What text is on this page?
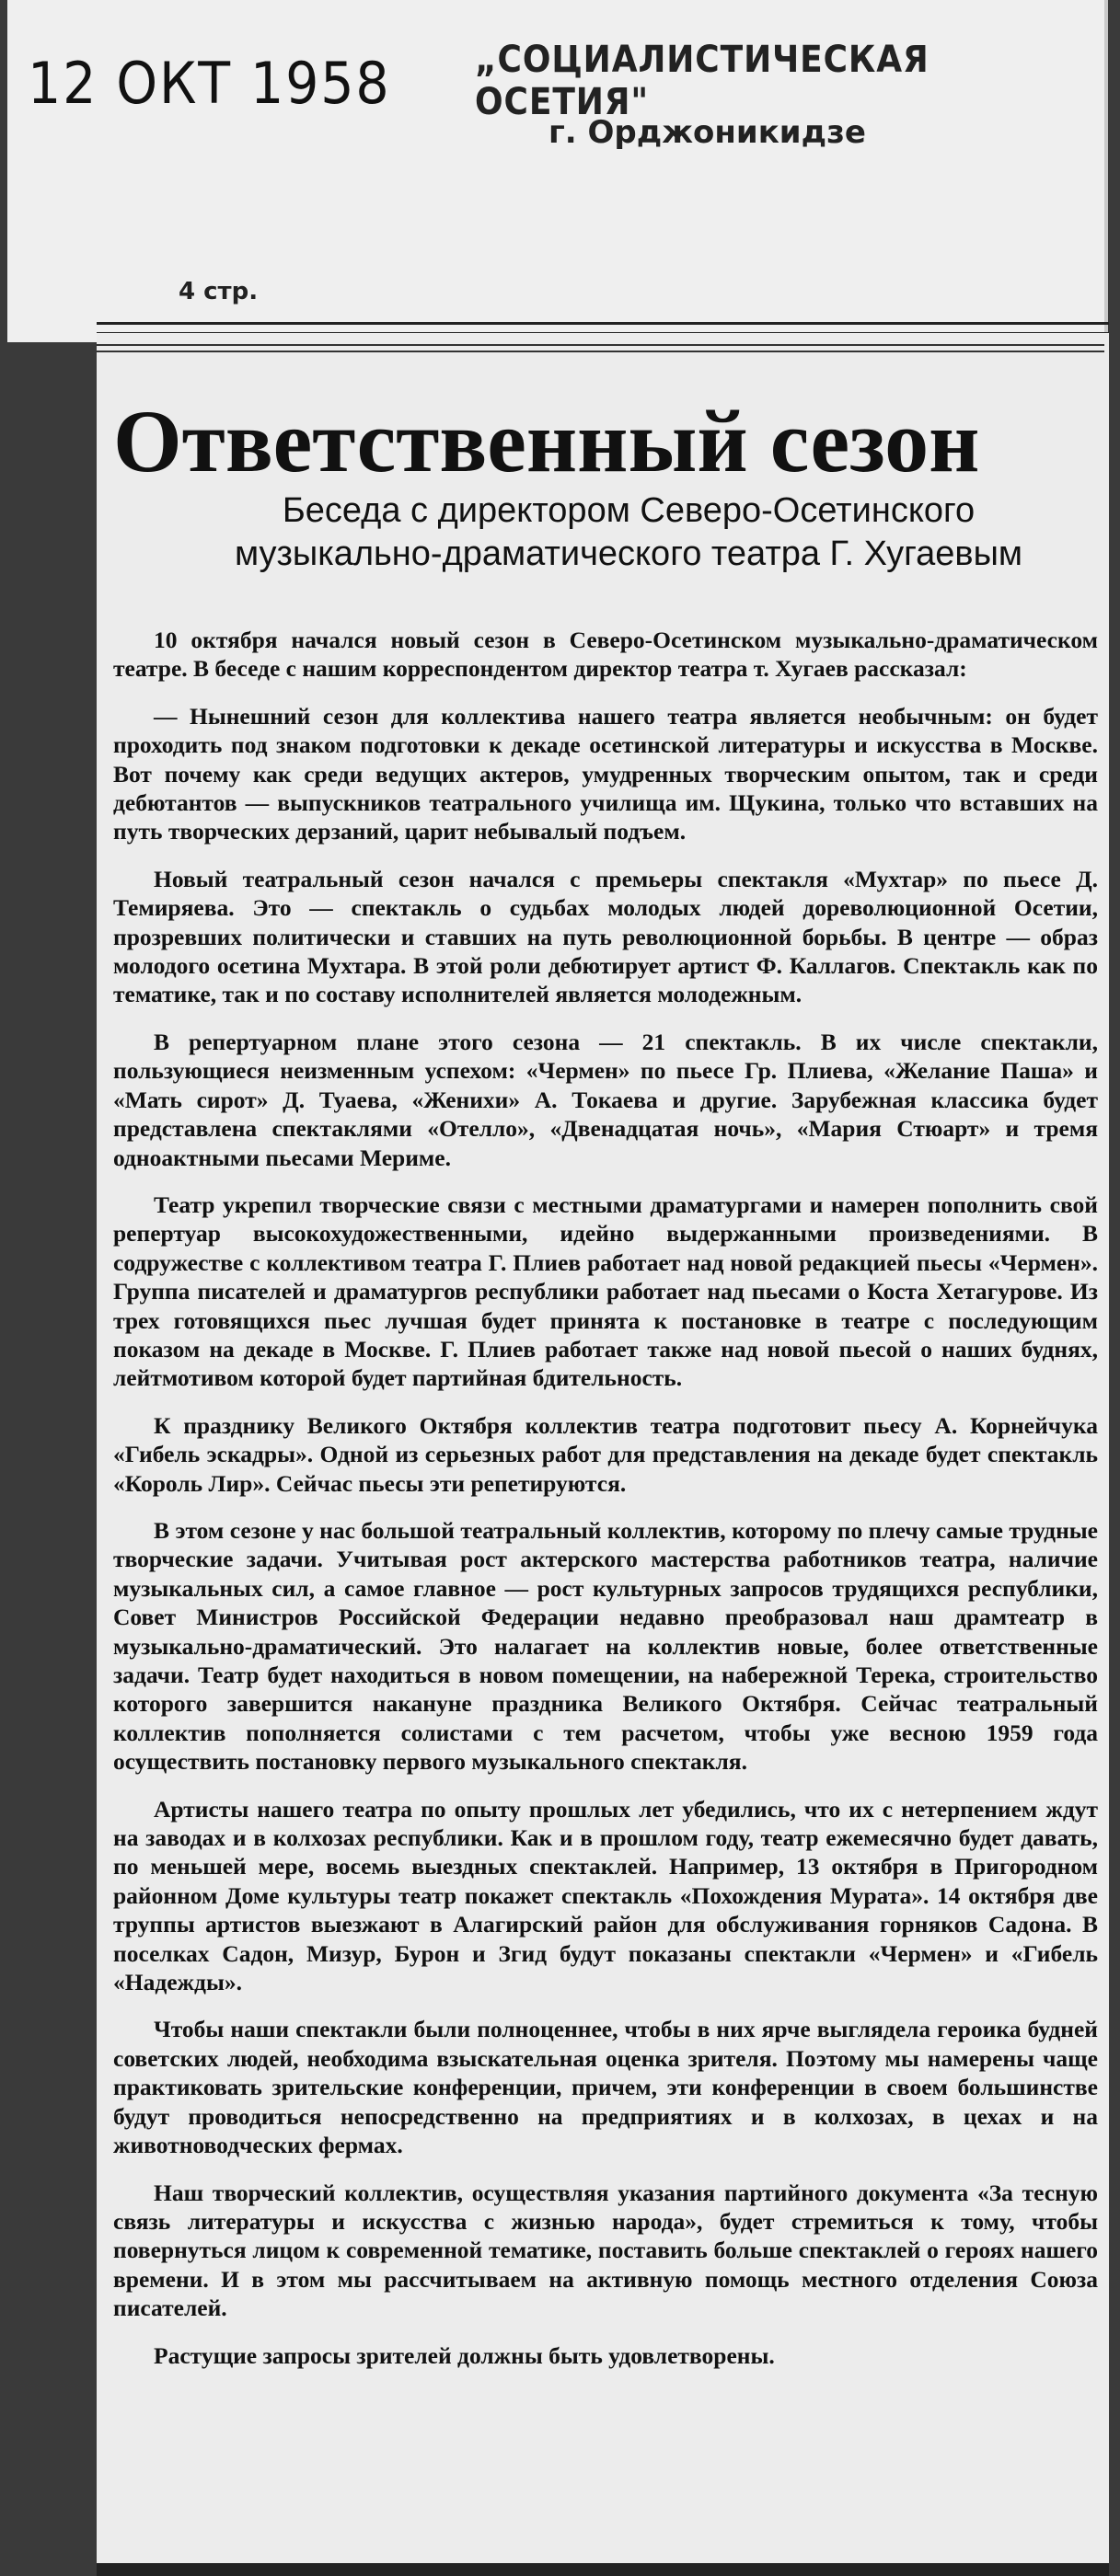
12 ОКТ 1958 „СОЦИАЛИСТИЧЕСКАЯ ОСЕТИЯ"
г. Орджоникидзе
4 стр.
Ответственный сезон
Беседа с директором Северо-Осетинского музыкально-драматического театра Г. Хугаевым

10 октября начался новый сезон в Северо-Осетинском музыкально-драматическом театре. В беседе с нашим корреспондентом директор театра т. Хугаев рассказал:

— Нынешний сезон для коллектива нашего театра является необычным: он будет проходить под знаком подготовки к декаде осетинской литературы и искусства в Москве. Вот почему как среди ведущих актеров, умудренных творческим опытом, так и среди дебютантов — выпускников театрального училища им. Щукина, только что вставших на путь творческих дерзаний, царит небывалый подъем.

Новый театральный сезон начался с премьеры спектакля «Мухтар» по пьесе Д. Темиряева. Это — спектакль о судьбах молодых людей дореволюционной Осетии, прозревших политически и ставших на путь революционной борьбы. В центре — образ молодого осетина Мухтара. В этой роли дебютирует артист Ф. Каллагов. Спектакль как по тематике, так и по составу исполнителей является молодежным.

В репертуарном плане этого сезона — 21 спектакль. В их числе спектакли, пользующиеся неизменным успехом: «Чермен» по пьесе Гр. Плиева, «Желание Паша» и «Мать сирот» Д. Туаева, «Женихи» А. Токаева и другие. Зарубежная классика будет представлена спектаклями «Отелло», «Двенадцатая ночь», «Мария Стюарт» и тремя одноактными пьесами Мериме.

Театр укрепил творческие связи с местными драматургами и намерен пополнить свой репертуар высокохудожественными, идейно выдержанными произведениями. В содружестве с коллективом театра Г. Плиев работает над новой редакцией пьесы «Чермен». Группа писателей и драматургов республики работает над пьесами о Коста Хетагурове. Из трех готовящихся пьес лучшая будет принята к постановке в театре с последующим показом на декаде в Москве. Г. Плиев работает также над новой пьесой о наших буднях, лейтмотивом которой будет партийная бдительность.

К празднику Великого Октября коллектив театра подготовит пьесу А. Корнейчука «Гибель эскадры». Одной из серьезных работ для представления на декаде будет спектакль «Король Лир». Сейчас пьесы эти репетируются.

В этом сезоне у нас большой театральный коллектив, которому по плечу самые трудные творческие задачи. Учитывая рост актерского мастерства работников театра, наличие музыкальных сил, а самое главное — рост культурных запросов трудящихся республики, Совет Министров Российской Федерации недавно преобразовал наш драмтеатр в музыкально-драматический. Это налагает на коллектив новые, более ответственные задачи. Театр будет находиться в новом помещении, на набережной Терека, строительство которого завершится накануне праздника Великого Октября. Сейчас театральный коллектив пополняется солистами с тем расчетом, чтобы уже весною 1959 года осуществить постановку первого музыкального спектакля.

Артисты нашего театра по опыту прошлых лет убедились, что их с нетерпением ждут на заводах и в колхозах республики. Как и в прошлом году, театр ежемесячно будет давать, по меньшей мере, восемь выездных спектаклей. Например, 13 октября в Пригородном районном Доме культуры театр покажет спектакль «Похождения Мурата». 14 октября две труппы артистов выезжают в Алагирский район для обслуживания горняков Садона. В поселках Садон, Мизур, Бурон и Згид будут показаны спектакли «Чермен» и «Гибель «Надежды».

Чтобы наши спектакли были полноценнее, чтобы в них ярче выглядела героика будней советских людей, необходима взыскательная оценка зрителя. Поэтому мы намерены чаще практиковать зрительские конференции, причем, эти конференции в своем большинстве будут проводиться непосредственно на предприятиях и в колхозах, в цехах и на животноводческих фермах.

Наш творческий коллектив, осуществляя указания партийного документа «За тесную связь литературы и искусства с жизнью народа», будет стремиться к тому, чтобы повернуться лицом к современной тематике, поставить больше спектаклей о героях нашего времени. И в этом мы рассчитываем на активную помощь местного отделения Союза писателей.

Растущие запросы зрителей должны быть удовлетворены.
